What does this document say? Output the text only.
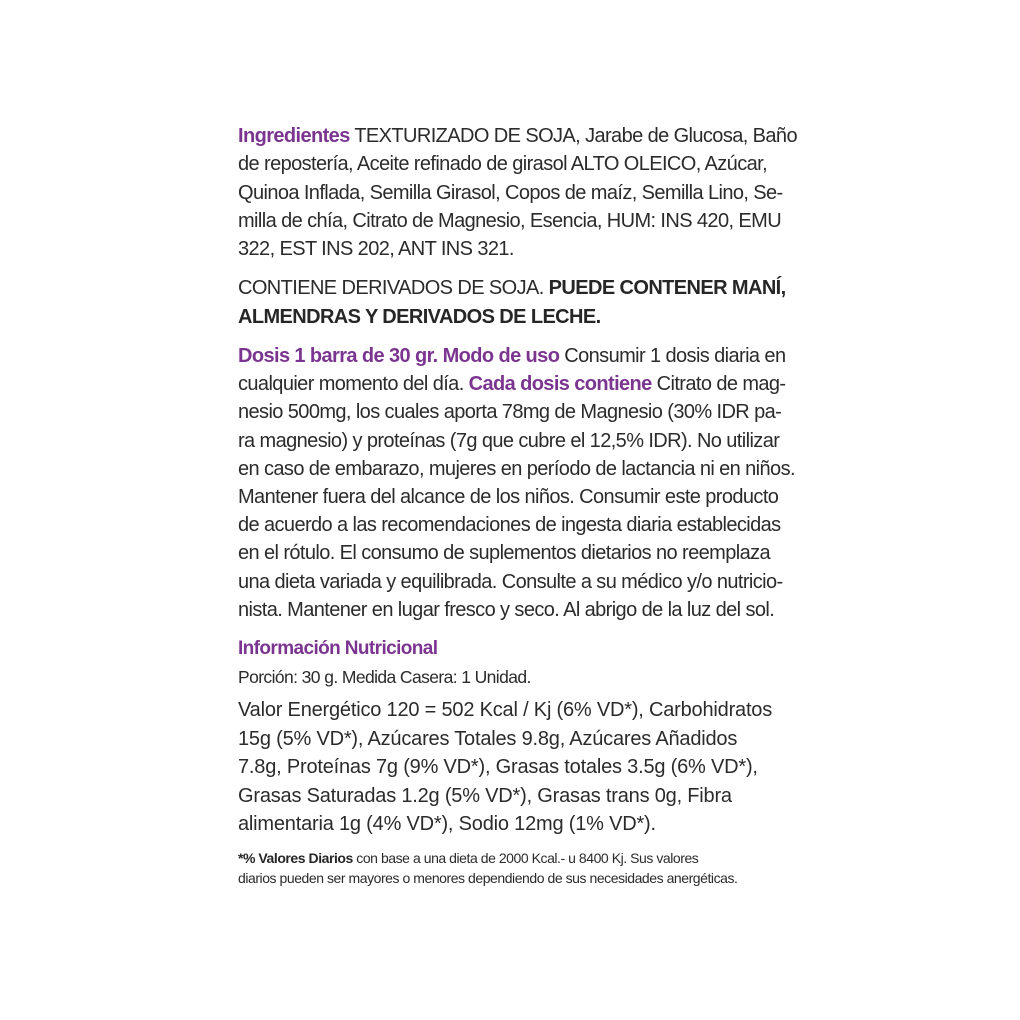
Ingredientes TEXTURIZADO DE SOJA, Jarabe de Glucosa, Baño
de repostería, Aceite refinado de girasol ALTO OLEICO, Azúcar,
Quinoa Inflada, Semilla Girasol, Copos de maíz, Semilla Lino, Se-
milla de chía, Citrato de Magnesio, Esencia, HUM: INS 420, EMU
322, EST INS 202, ANT INS 321.
CONTIENE DERIVADOS DE SOJA. PUEDE CONTENER MANÍ,
ALMENDRAS Y DERIVADOS DE LECHE.
Dosis 1 barra de 30 gr. Modo de uso Consumir 1 dosis diaria en
cualquier momento del día. Cada dosis contiene Citrato de mag-
nesio 500mg, los cuales aporta 78mg de Magnesio (30% IDR pa-
ra magnesio) y proteínas (7g que cubre el 12,5% IDR). No utilizar
en caso de embarazo, mujeres en período de lactancia ni en niños.
Mantener fuera del alcance de los niños. Consumir este producto
de acuerdo a las recomendaciones de ingesta diaria establecidas
en el rótulo. El consumo de suplementos dietarios no reemplaza
una dieta variada y equilibrada. Consulte a su médico y/o nutricio-
nista. Mantener en lugar fresco y seco. Al abrigo de la luz del sol.
Información Nutricional
Porción: 30 g. Medida Casera: 1 Unidad.
Valor Energético 120 = 502 Kcal / Kj (6% VD*), Carbohidratos
15g (5% VD*), Azúcares Totales 9.8g, Azúcares Añadidos
7.8g, Proteínas 7g (9% VD*), Grasas totales 3.5g (6% VD*),
Grasas Saturadas 1.2g (5% VD*), Grasas trans 0g, Fibra
alimentaria 1g (4% VD*), Sodio 12mg (1% VD*).
*% Valores Diarios con base a una dieta de 2000 Kcal.- u 8400 Kj. Sus valores
diarios pueden ser mayores o menores dependiendo de sus necesidades anergéticas.
